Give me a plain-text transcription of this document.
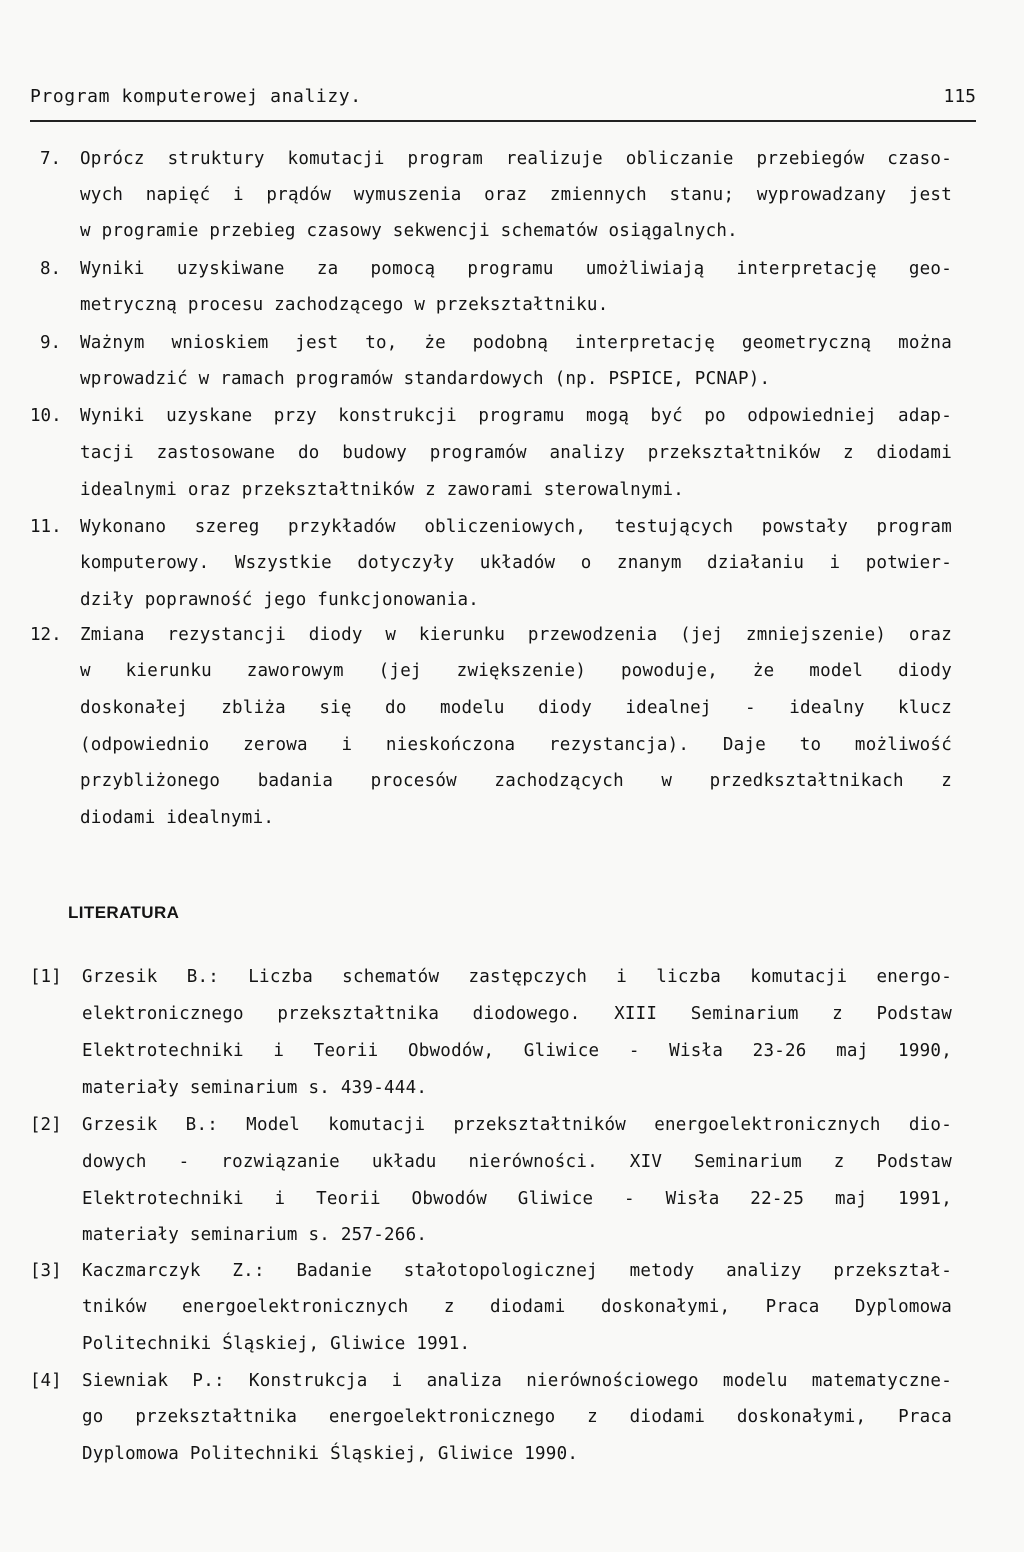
Program komputerowej analizy.	115
7. Oprócz struktury komutacji program realizuje obliczanie przebiegów czaso-
wych napięć i prądów wymuszenia oraz zmiennych stanu; wyprowadzany jest
w programie przebieg czasowy sekwencji schematów osiągalnych.
8. Wyniki uzyskiwane za pomocą programu umożliwiają interpretację geo-
metryczną procesu zachodzącego w przekształtniku.
9. Ważnym wnioskiem jest to, że podobną interpretację geometryczną można
wprowadzić w ramach programów standardowych (np. PSPICE, PCNAP).
10. Wyniki uzyskane przy konstrukcji programu mogą być po odpowiedniej adap-
tacji zastosowane do budowy programów analizy przekształtników z diodami
idealnymi oraz przekształtników z zaworami sterowalnymi.
11. Wykonano szereg przykładów obliczeniowych, testujących powstały program
komputerowy. Wszystkie dotyczyły układów o znanym działaniu i potwier-
dziły poprawność jego funkcjonowania.
12. Zmiana rezystancji diody w kierunku przewodzenia (jej zmniejszenie) oraz
w kierunku zaworowym (jej zwiększenie) powoduje, że model diody
doskonałej zbliża się do modelu diody idealnej - idealny klucz
(odpowiednio zerowa i nieskończona rezystancja). Daje to możliwość
przybliżonego badania procesów zachodzących w przedkształtnikach z
diodami idealnymi.
LITERATURA
[1] Grzesik B.: Liczba schematów zastępczych i liczba komutacji energo-
elektronicznego przekształtnika diodowego. XIII Seminarium z Podstaw
Elektrotechniki i Teorii Obwodów, Gliwice - Wisła 23-26 maj 1990,
materiały seminarium s. 439-444.
[2] Grzesik B.: Model komutacji przekształtników energoelektronicznych dio-
dowych - rozwiązanie układu nierówności. XIV Seminarium z Podstaw
Elektrotechniki i Teorii Obwodów Gliwice - Wisła 22-25 maj 1991,
materiały seminarium s. 257-266.
[3] Kaczmarczyk Z.: Badanie stałotopologicznej metody analizy przekształ-
tników energoelektronicznych z diodami doskonałymi, Praca Dyplomowa
Politechniki Śląskiej, Gliwice 1991.
[4] Siewniak P.: Konstrukcja i analiza nierównościowego modelu matematyczne-
go przekształtnika energoelektronicznego z diodami doskonałymi, Praca
Dyplomowa Politechniki Śląskiej, Gliwice 1990.
